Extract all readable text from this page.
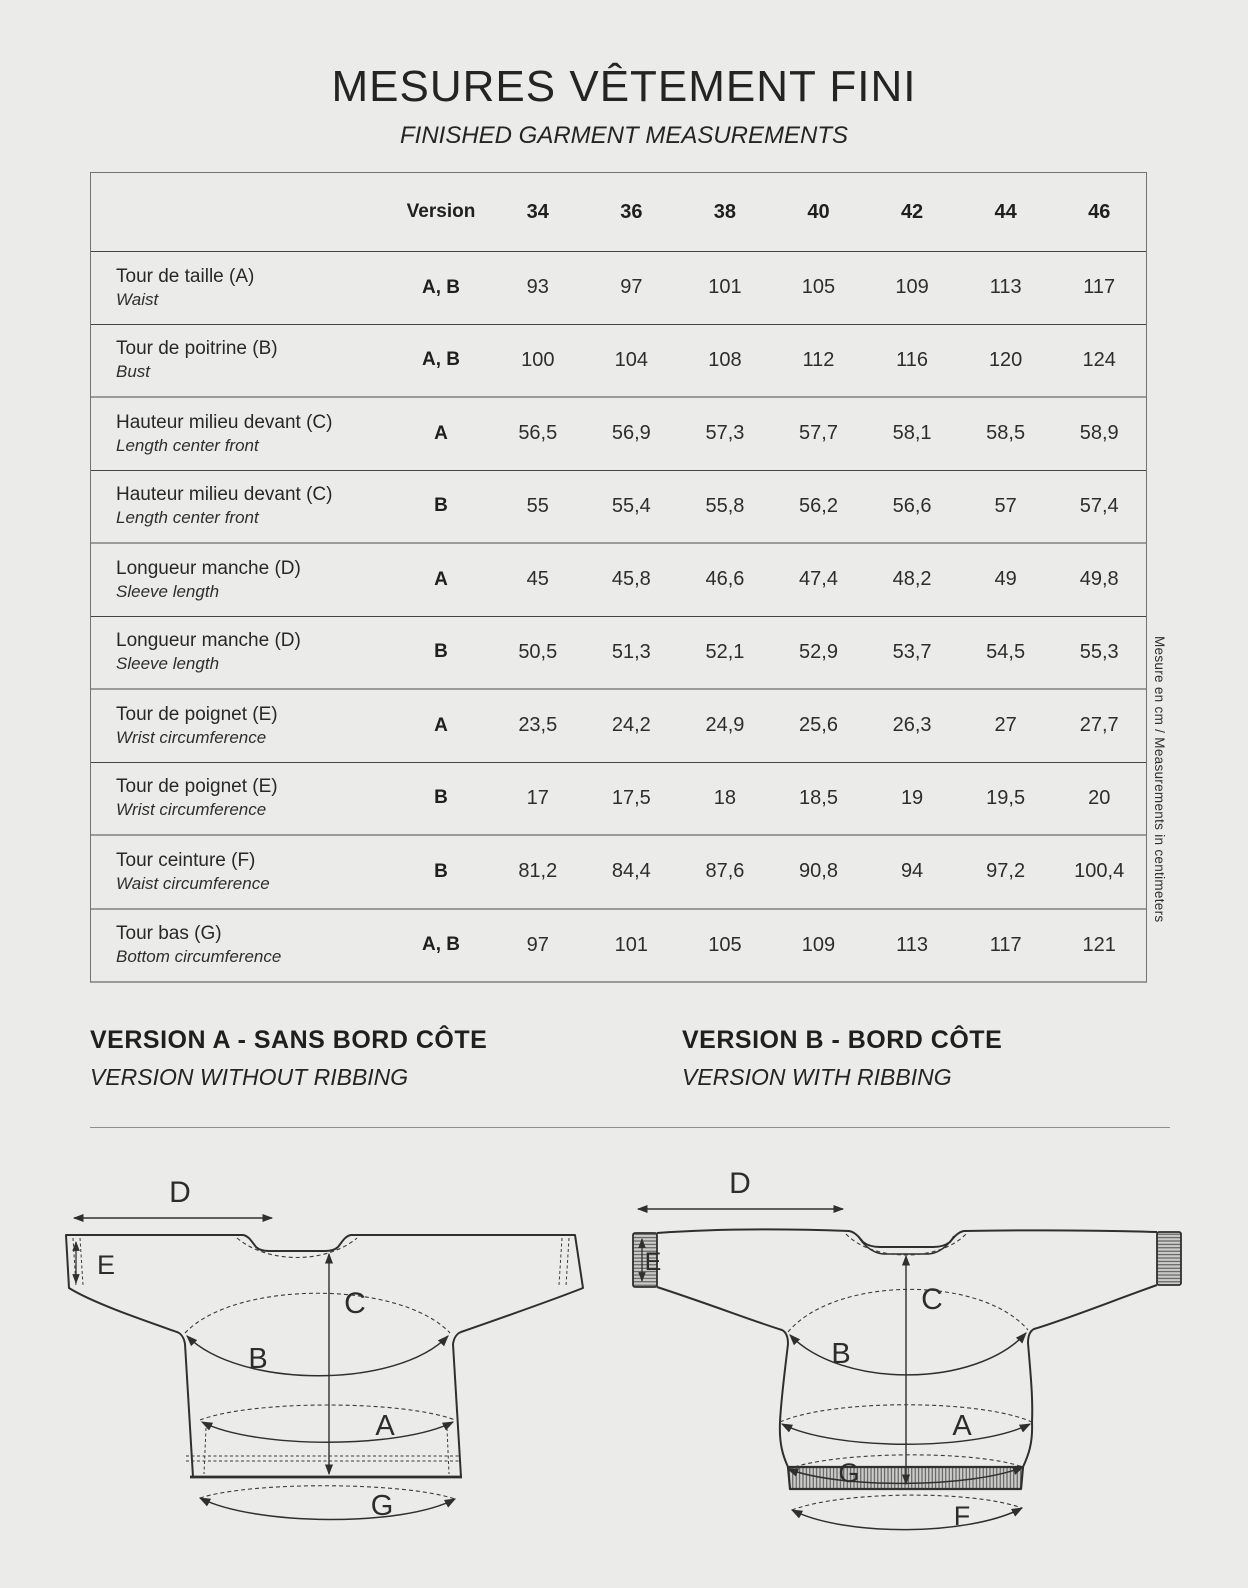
MESURES VÊTEMENT FINI
FINISHED GARMENT MEASUREMENTS
Version	34	36	38	40	42	44	46
Tour de taille (A)
Waist
A, B	93	97	101	105	109	113	117
Tour de poitrine (B)
Bust
A, B	100	104	108	112	116	120	124
Hauteur milieu devant (C)
Length center front
A	56,5	56,9	57,3	57,7	58,1	58,5	58,9
Hauteur milieu devant (C)
Length center front
B	55	55,4	55,8	56,2	56,6	57	57,4
Longueur manche (D)
Sleeve length
A	45	45,8	46,6	47,4	48,2	49	49,8
Longueur manche (D)
Sleeve length
B	50,5	51,3	52,1	52,9	53,7	54,5	55,3
Tour de poignet (E)
Wrist circumference
A	23,5	24,2	24,9	25,6	26,3	27	27,7
Tour de poignet (E)
Wrist circumference
B	17	17,5	18	18,5	19	19,5	20
Tour ceinture (F)
Waist circumference
B	81,2	84,4	87,6	90,8	94	97,2	100,4
Tour bas (G)
Bottom circumference
A, B	97	101	105	109	113	117	121
Mesure en cm / Measurements in centimeters
VERSION A - SANS BORD CÔTE
VERSION WITHOUT RIBBING
VERSION B - BORD CÔTE
VERSION WITH RIBBING
D
E
C
B
A
G
D
E
C
B
A
G
F
